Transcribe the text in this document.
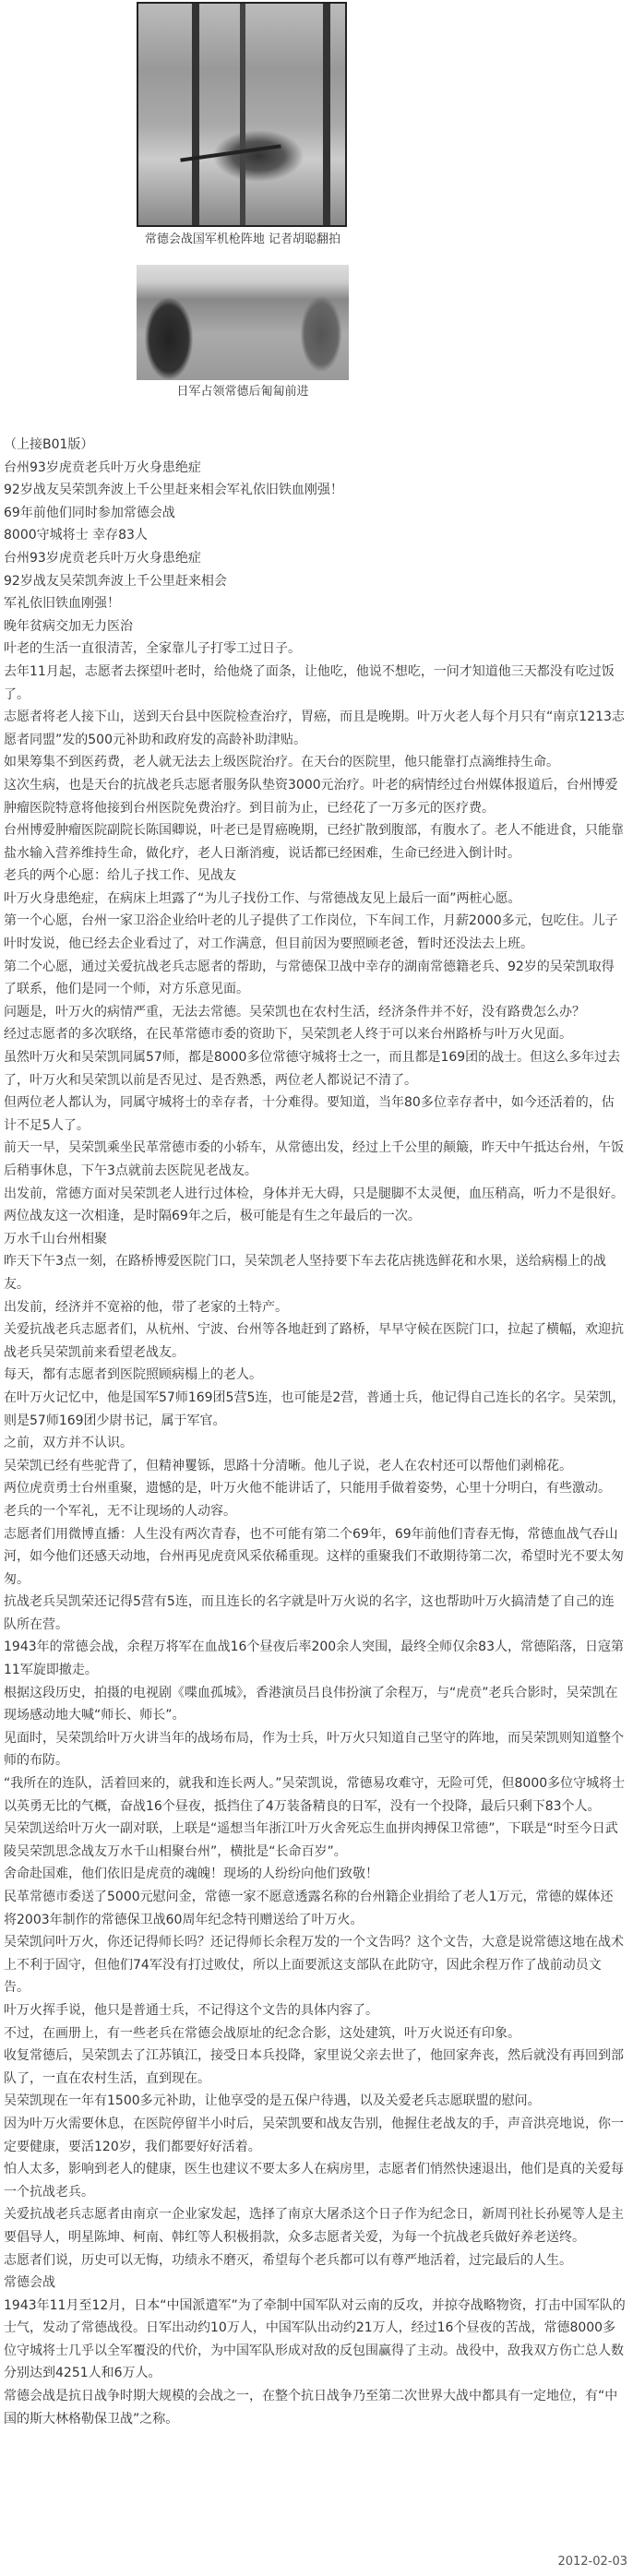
常德会战国军机枪阵地 记者胡聪翻拍
日军占领常德后匍匐前进

（上接B01版）

台州93岁虎贲老兵叶万火身患绝症

92岁战友吴荣凯奔波上千公里赶来相会军礼依旧铁血刚强！

69年前他们同时参加常德会战

8000守城将士 幸存83人

台州93岁虎贲老兵叶万火身患绝症

92岁战友吴荣凯奔波上千公里赶来相会

军礼依旧铁血刚强！

晚年贫病交加无力医治

叶老的生活一直很清苦，全家靠儿子打零工过日子。

去年11月起，志愿者去探望叶老时，给他烧了面条，让他吃，他说不想吃，一问才知道他三天都没有吃过饭了。

志愿者将老人接下山，送到天台县中医院检查治疗，胃癌，而且是晚期。叶万火老人每个月只有“南京1213志愿者同盟”发的500元补助和政府发的高龄补助津贴。

如果筹集不到医药费，老人就无法去上级医院治疗。在天台的医院里，他只能靠打点滴维持生命。

这次生病，也是天台的抗战老兵志愿者服务队垫资3000元治疗。叶老的病情经过台州媒体报道后，台州博爱肿瘤医院特意将他接到台州医院免费治疗。到目前为止，已经花了一万多元的医疗费。

台州博爱肿瘤医院副院长陈国卿说，叶老已是胃癌晚期，已经扩散到腹部，有腹水了。老人不能进食，只能靠盐水输入营养维持生命，做化疗，老人日渐消瘦，说话都已经困难，生命已经进入倒计时。

老兵的两个心愿：给儿子找工作、见战友

叶万火身患绝症，在病床上坦露了“为儿子找份工作、与常德战友见上最后一面”两桩心愿。

第一个心愿，台州一家卫浴企业给叶老的儿子提供了工作岗位，下车间工作，月薪2000多元，包吃住。儿子叶时发说，他已经去企业看过了，对工作满意，但目前因为要照顾老爸，暂时还没法去上班。

第二个心愿，通过关爱抗战老兵志愿者的帮助，与常德保卫战中幸存的湖南常德籍老兵、92岁的吴荣凯取得了联系，他们是同一个师，对方乐意见面。

问题是，叶万火的病情严重，无法去常德。吴荣凯也在农村生活，经济条件并不好，没有路费怎么办？

经过志愿者的多次联络，在民革常德市委的资助下，吴荣凯老人终于可以来台州路桥与叶万火见面。

虽然叶万火和吴荣凯同属57师，都是8000多位常德守城将士之一，而且都是169团的战士。但这么多年过去了，叶万火和吴荣凯以前是否见过、是否熟悉，两位老人都说记不清了。

但两位老人都认为，同属守城将士的幸存者，十分难得。要知道，当年80多位幸存者中，如今还活着的，估计不足5人了。

前天一早，吴荣凯乘坐民革常德市委的小轿车，从常德出发，经过上千公里的颠簸，昨天中午抵达台州，午饭后稍事休息，下午3点就前去医院见老战友。

出发前，常德方面对吴荣凯老人进行过体检，身体并无大碍，只是腿脚不太灵便，血压稍高，听力不是很好。

两位战友这一次相逢，是时隔69年之后，极可能是有生之年最后的一次。

万水千山台州相聚

昨天下午3点一刻，在路桥博爱医院门口，吴荣凯老人坚持要下车去花店挑选鲜花和水果，送给病榻上的战友。

出发前，经济并不宽裕的他，带了老家的土特产。

关爱抗战老兵志愿者们，从杭州、宁波、台州等各地赶到了路桥，早早守候在医院门口，拉起了横幅，欢迎抗战老兵吴荣凯前来看望老战友。

每天，都有志愿者到医院照顾病榻上的老人。

在叶万火记忆中，他是国军57师169团5营5连，也可能是2营，普通士兵，他记得自己连长的名字。吴荣凯，则是57师169团少尉书记，属于军官。

之前，双方并不认识。

吴荣凯已经有些驼背了，但精神矍铄，思路十分清晰。他儿子说，老人在农村还可以帮他们剥棉花。

两位虎贲勇士台州重聚，遗憾的是，叶万火他不能讲话了，只能用手做着姿势，心里十分明白，有些激动。

老兵的一个军礼，无不让现场的人动容。

志愿者们用微博直播：人生没有两次青春，也不可能有第二个69年，69年前他们青春无悔，常德血战气吞山河，如今他们还感天动地，台州再见虎贲风采依稀重现。这样的重聚我们不敢期待第二次，希望时光不要太匆匆。

抗战老兵吴凯荣还记得5营有5连，而且连长的名字就是叶万火说的名字，这也帮助叶万火搞清楚了自己的连队所在营。

1943年的常德会战，余程万将军在血战16个昼夜后率200余人突围，最终全师仅余83人，常德陷落，日寇第11军旋即撤走。

根据这段历史，拍摄的电视剧《喋血孤城》，香港演员吕良伟扮演了余程万，与“虎贲”老兵合影时，吴荣凯在现场感动地大喊“师长、师长”。

见面时，吴荣凯给叶万火讲当年的战场布局，作为士兵，叶万火只知道自己坚守的阵地，而吴荣凯则知道整个师的布防。

“我所在的连队，活着回来的，就我和连长两人。”吴荣凯说，常德易攻难守，无险可凭，但8000多位守城将士以英勇无比的气概，奋战16个昼夜，抵挡住了4万装备精良的日军，没有一个投降，最后只剩下83个人。

吴荣凯送给叶万火一副对联，上联是“遥想当年浙江叶万火舍死忘生血拼肉搏保卫常德”，下联是“时至今日武陵吴荣凯思念战友万水千山相聚台州”，横批是“长命百岁”。

舍命赴国难，他们依旧是虎贲的魂魄！现场的人纷纷向他们致敬！

民革常德市委送了5000元慰问金，常德一家不愿意透露名称的台州籍企业捐给了老人1万元，常德的媒体还将2003年制作的常德保卫战60周年纪念特刊赠送给了叶万火。

吴荣凯问叶万火，你还记得师长吗？还记得师长余程万发的一个文告吗？这个文告，大意是说常德这地在战术上不利于固守，但他们74军没有打过败仗，所以上面要派这支部队在此防守，因此余程万作了战前动员文告。

叶万火挥手说，他只是普通士兵，不记得这个文告的具体内容了。

不过，在画册上，有一些老兵在常德会战原址的纪念合影，这处建筑，叶万火说还有印象。

收复常德后，吴荣凯去了江苏镇江，接受日本兵投降，家里说父亲去世了，他回家奔丧，然后就没有再回到部队了，一直在农村生活，直到现在。

吴荣凯现在一年有1500多元补助，让他享受的是五保户待遇，以及关爱老兵志愿联盟的慰问。

因为叶万火需要休息，在医院停留半小时后，吴荣凯要和战友告别，他握住老战友的手，声音洪亮地说，你一定要健康，要活120岁，我们都要好好活着。

怕人太多，影响到老人的健康，医生也建议不要太多人在病房里，志愿者们悄然快速退出，他们是真的关爱每一个抗战老兵。

关爱抗战老兵志愿者由南京一企业家发起，选择了南京大屠杀这个日子作为纪念日，新周刊社长孙冕等人是主要倡导人，明星陈坤、柯南、韩红等人积极捐款，众多志愿者关爱，为每一个抗战老兵做好养老送终。

志愿者们说，历史可以无悔，功绩永不磨灭，希望每个老兵都可以有尊严地活着，过完最后的人生。

常德会战

1943年11月至12月，日本“中国派遣军”为了牵制中国军队对云南的反攻，并掠夺战略物资，打击中国军队的士气，发动了常德战役。日军出动约10万人，中国军队出动约21万人，经过16个昼夜的苦战，常德8000多位守城将士几乎以全军覆没的代价，为中国军队形成对敌的反包围赢得了主动。战役中，敌我双方伤亡总人数分别达到4251人和6万人。

常德会战是抗日战争时期大规模的会战之一，在整个抗日战争乃至第二次世界大战中都具有一定地位，有“中国的斯大林格勒保卫战”之称。

2012-02-03
